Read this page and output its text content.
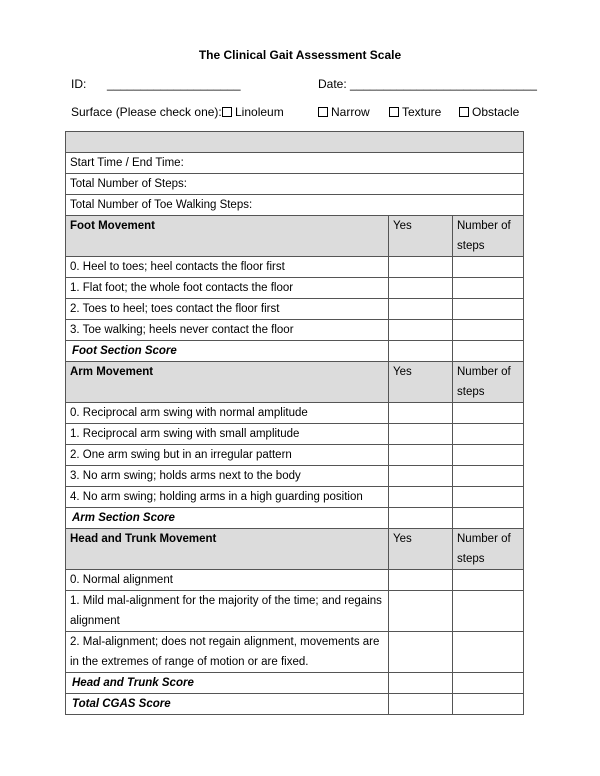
The Clinical Gait Assessment Scale
ID: ____________________	Date: ____________________________
Surface (Please check one):	Linoleum	Narrow	Texture	Obstacle

Start Time / End Time:		
Total Number of Steps:		
Total Number of Toe Walking Steps:		
Foot Movement	Yes	Number of steps
0. Heel to toes; heel contacts the floor first		
1. Flat foot; the whole foot contacts the floor		
2. Toes to heel; toes contact the floor first		
3. Toe walking; heels never contact the floor		
Foot Section Score		
Arm Movement	Yes	Number of steps
0. Reciprocal arm swing with normal amplitude		
1. Reciprocal arm swing with small amplitude		
2. One arm swing but in an irregular pattern		
3. No arm swing; holds arms next to the body		
4. No arm swing; holding arms in a high guarding position		
Arm Section Score		
Head and Trunk Movement	Yes	Number of steps
0. Normal alignment		
1. Mild mal-alignment for the majority of the time; and regains alignment		
2. Mal-alignment; does not regain alignment, movements are in the extremes of range of motion or are fixed.		
Head and Trunk Score		
Total CGAS Score		
